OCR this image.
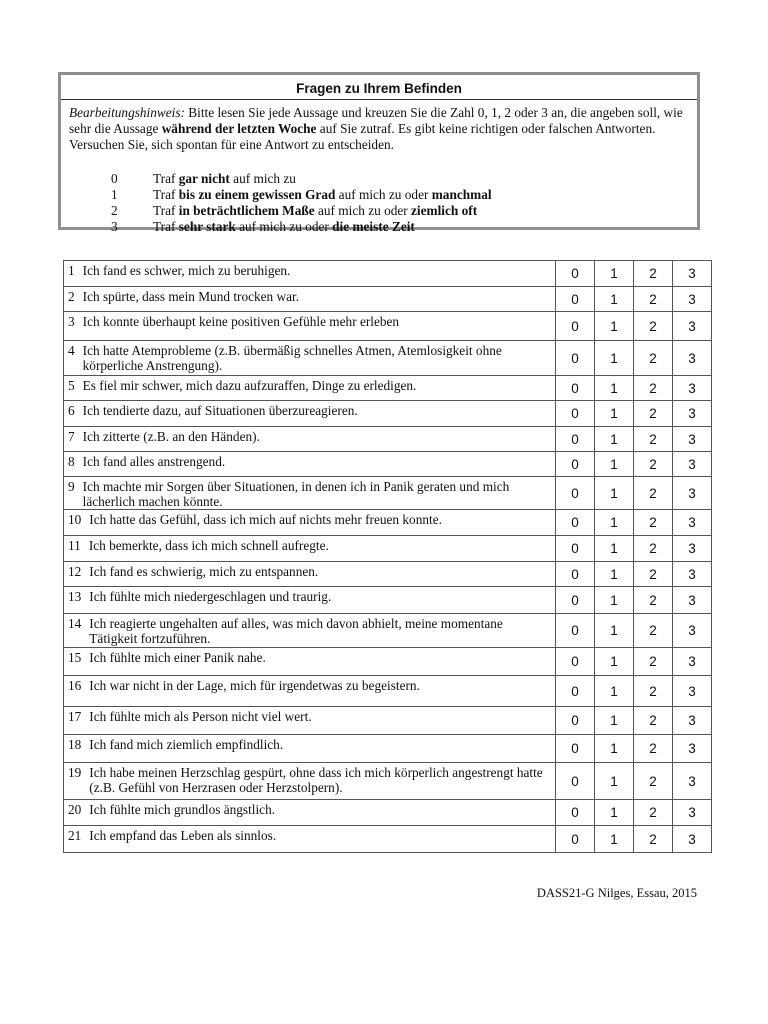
Fragen zu Ihrem Befinden
Bearbeitungshinweis: Bitte lesen Sie jede Aussage und kreuzen Sie die Zahl 0, 1, 2 oder 3 an, die angeben soll, wie sehr die Aussage während der letzten Woche auf Sie zutraf. Es gibt keine richtigen oder falschen Antworten. Versuchen Sie, sich spontan für eine Antwort zu entscheiden.
0	Traf gar nicht auf mich zu
1	Traf bis zu einem gewissen Grad auf mich zu oder manchmal
2	Traf in beträchtlichem Maße auf mich zu oder ziemlich oft
3	Traf sehr stark auf mich zu oder die meiste Zeit
1 Ich fand es schwer, mich zu beruhigen.	0	1	2	3

2 Ich spürte, dass mein Mund trocken war.	0	1	2	3

3 Ich konnte überhaupt keine positiven Gefühle mehr erleben	0	1	2	3

4 Ich hatte Atemprobleme (z.B. übermäßig schnelles Atmen, Atemlosigkeit ohne körperliche Anstrengung).	0	1	2	3

5 Es fiel mir schwer, mich dazu aufzuraffen, Dinge zu erledigen.	0	1	2	3

6 Ich tendierte dazu, auf Situationen überzureagieren.	0	1	2	3

7 Ich zitterte (z.B. an den Händen).	0	1	2	3

8 Ich fand alles anstrengend.	0	1	2	3

9 Ich machte mir Sorgen über Situationen, in denen ich in Panik geraten und mich lächerlich machen könnte.	0	1	2	3

10 Ich hatte das Gefühl, dass ich mich auf nichts mehr freuen konnte.	0	1	2	3

11 Ich bemerkte, dass ich mich schnell aufregte.	0	1	2	3

12 Ich fand es schwierig, mich zu entspannen.	0	1	2	3

13 Ich fühlte mich niedergeschlagen und traurig.	0	1	2	3

14 Ich reagierte ungehalten auf alles, was mich davon abhielt, meine momentane Tätigkeit fortzuführen.	0	1	2	3

15 Ich fühlte mich einer Panik nahe.	0	1	2	3

16 Ich war nicht in der Lage, mich für irgendetwas zu begeistern.	0	1	2	3

17 Ich fühlte mich als Person nicht viel wert.	0	1	2	3

18 Ich fand mich ziemlich empfindlich.	0	1	2	3

19 Ich habe meinen Herzschlag gespürt, ohne dass ich mich körperlich angestrengt hatte (z.B. Gefühl von Herzrasen oder Herzstolpern).	0	1	2	3

20 Ich fühlte mich grundlos ängstlich.	0	1	2	3

21 Ich empfand das Leben als sinnlos.	0	1	2	3
DASS21-G Nilges, Essau, 2015
